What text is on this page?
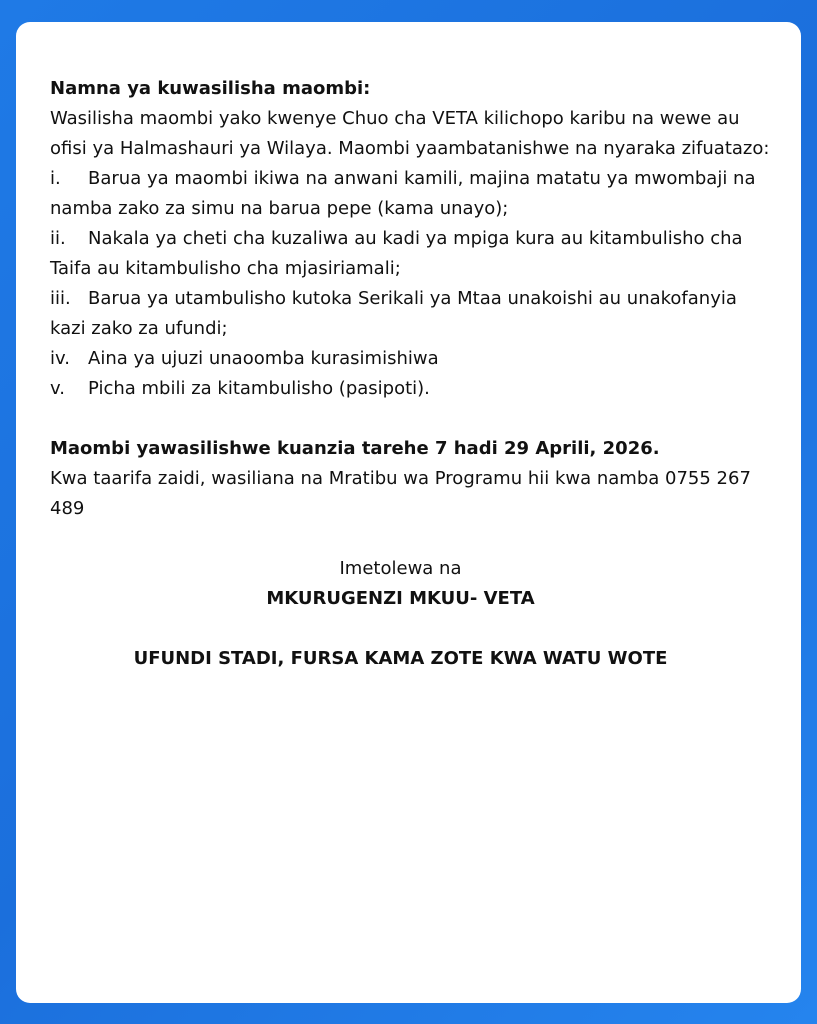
Namna ya kuwasilisha maombi:

Wasilisha maombi yako kwenye Chuo cha VETA kilichopo karibu na wewe au ofisi ya Halmashauri ya Wilaya. Maombi yaambatanishwe na nyaraka zifuatazo:

i. Barua ya maombi ikiwa na anwani kamili, majina matatu ya mwombaji na namba zako za simu na barua pepe (kama unayo);
ii. Nakala ya cheti cha kuzaliwa au kadi ya mpiga kura au kitambulisho cha Taifa au kitambulisho cha mjasiriamali;
iii. Barua ya utambulisho kutoka Serikali ya Mtaa unakoishi au unakofanyia kazi zako za ufundi;
iv. Aina ya ujuzi unaoomba kurasimishiwa
v. Picha mbili za kitambulisho (pasipoti).

Maombi yawasilishwe kuanzia tarehe 7 hadi 29 Aprili, 2026.

Kwa taarifa zaidi, wasiliana na Mratibu wa Programu hii kwa namba 0755 267 489

Imetolewa na

MKURUGENZI MKUU- VETA

UFUNDI STADI, FURSA KAMA ZOTE KWA WATU WOTE
